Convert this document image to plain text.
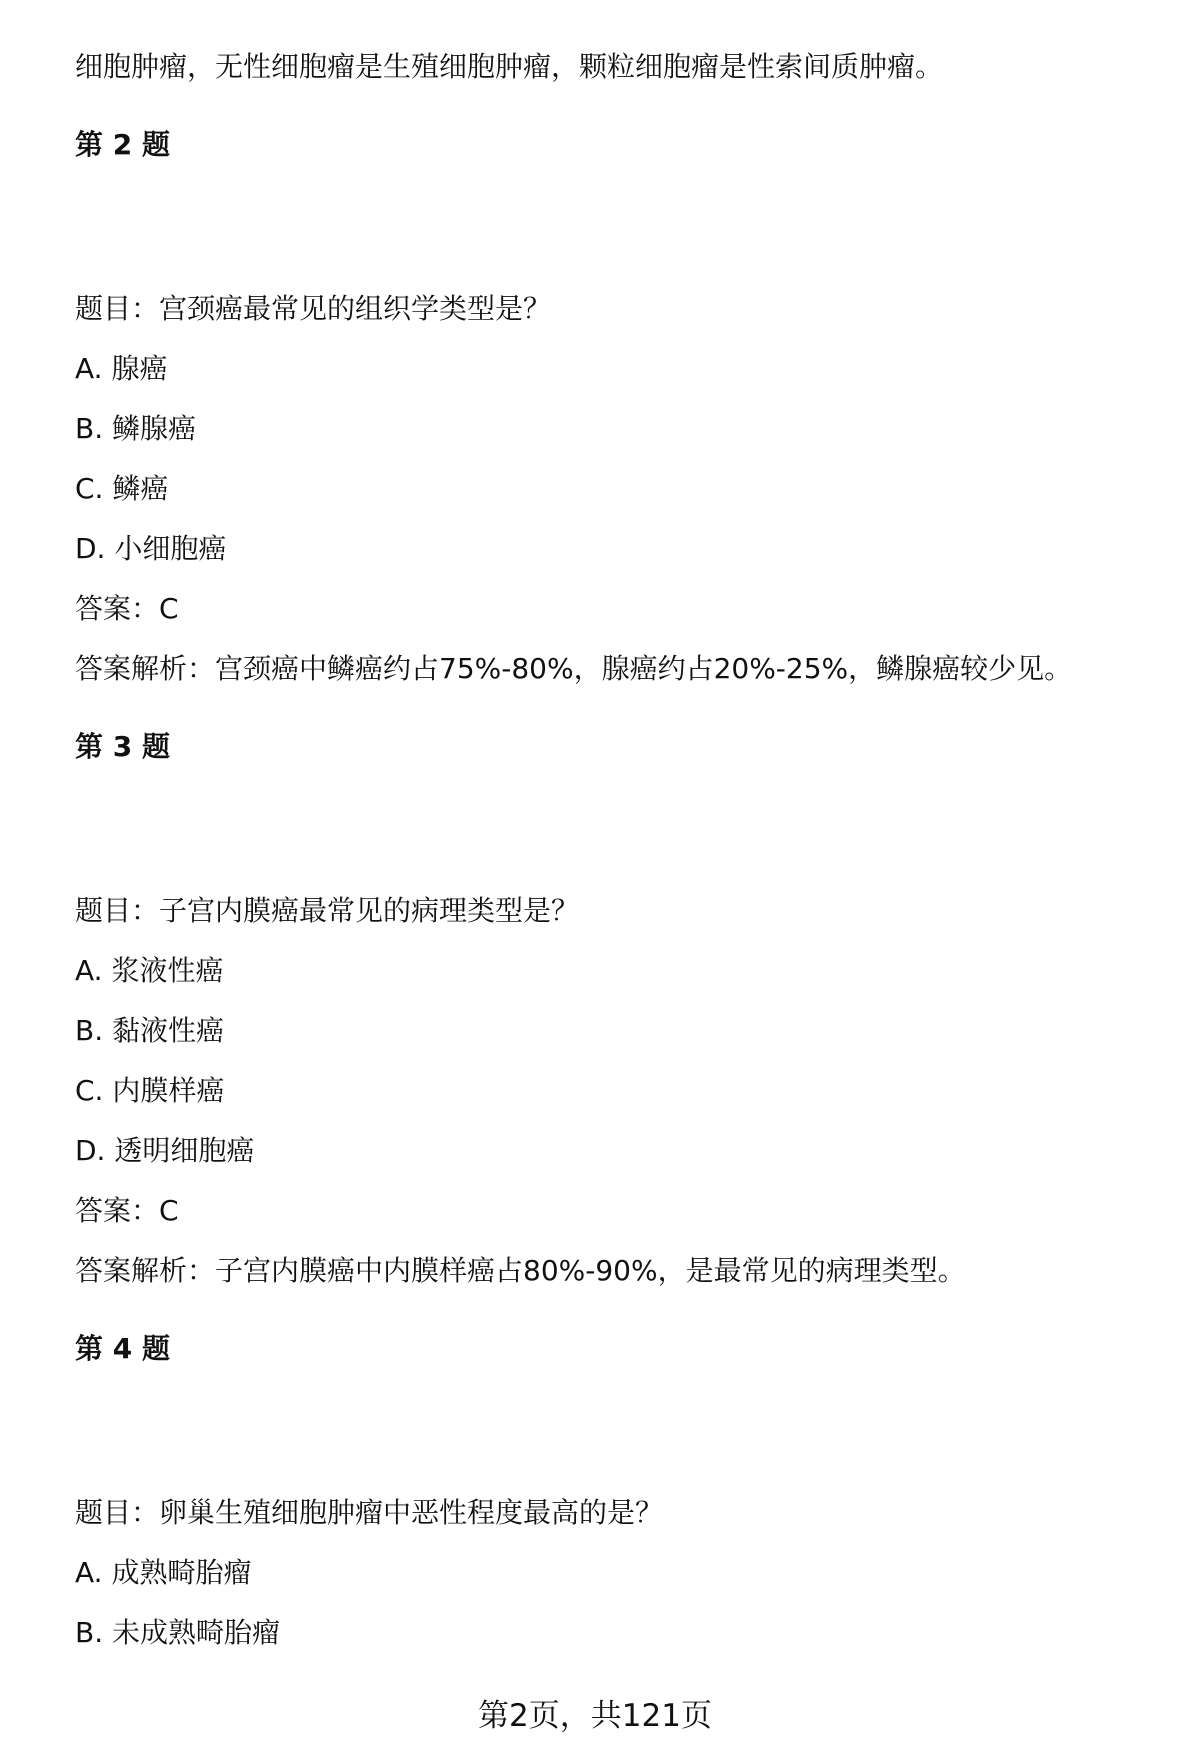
细胞肿瘤，无性细胞瘤是生殖细胞肿瘤，颗粒细胞瘤是性索间质肿瘤。
第 2 题
题目：宫颈癌最常见的组织学类型是？
A. 腺癌
B. 鳞腺癌
C. 鳞癌
D. 小细胞癌
答案：C
答案解析：宫颈癌中鳞癌约占75%-80%，腺癌约占20%-25%，鳞腺癌较少见。
第 3 题
题目：子宫内膜癌最常见的病理类型是？
A. 浆液性癌
B. 黏液性癌
C. 内膜样癌
D. 透明细胞癌
答案：C
答案解析：子宫内膜癌中内膜样癌占80%-90%，是最常见的病理类型。
第 4 题
题目：卵巢生殖细胞肿瘤中恶性程度最高的是？
A. 成熟畸胎瘤
B. 未成熟畸胎瘤
第2页，共121页
